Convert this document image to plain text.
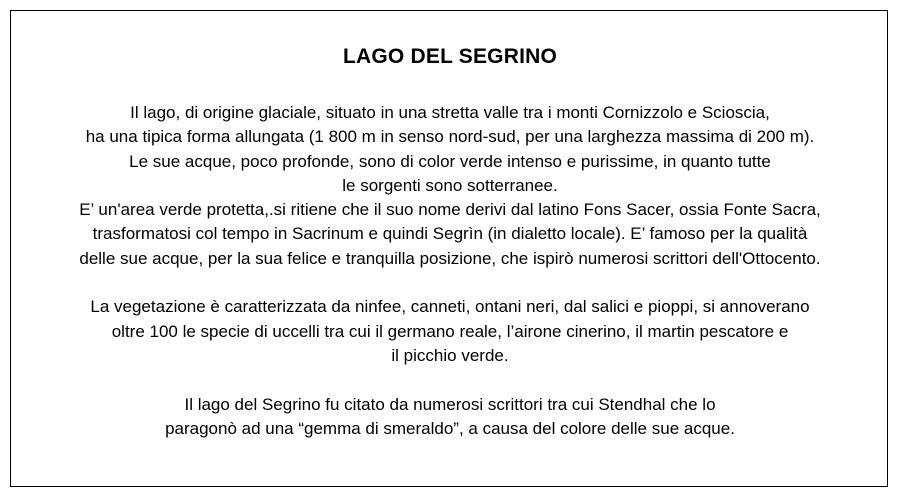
LAGO DEL SEGRINO
Il lago, di origine glaciale, situato in una stretta valle tra i monti Cornizzolo e Scioscia,
ha una tipica forma allungata (1 800 m in senso nord-sud, per una larghezza massima di 200 m).
Le sue acque, poco profonde, sono di color verde intenso e purissime, in quanto tutte
le sorgenti sono sotterranee.
E’ un'area verde protetta,.si ritiene che il suo nome derivi dal latino Fons Sacer, ossia Fonte Sacra,
trasformatosi col tempo in Sacrinum e quindi Segrìn (in dialetto locale). E’ famoso per la qualità
delle sue acque, per la sua felice e tranquilla posizione, che ispirò numerosi scrittori dell'Ottocento.
La vegetazione è caratterizzata da ninfee, canneti, ontani neri, dal salici e pioppi, si annoverano
oltre 100 le specie di uccelli tra cui il germano reale, l’airone cinerino, il martin pescatore e
il picchio verde.
Il lago del Segrino fu citato da numerosi scrittori tra cui Stendhal che lo
paragonò ad una “gemma di smeraldo”, a causa del colore delle sue acque.
